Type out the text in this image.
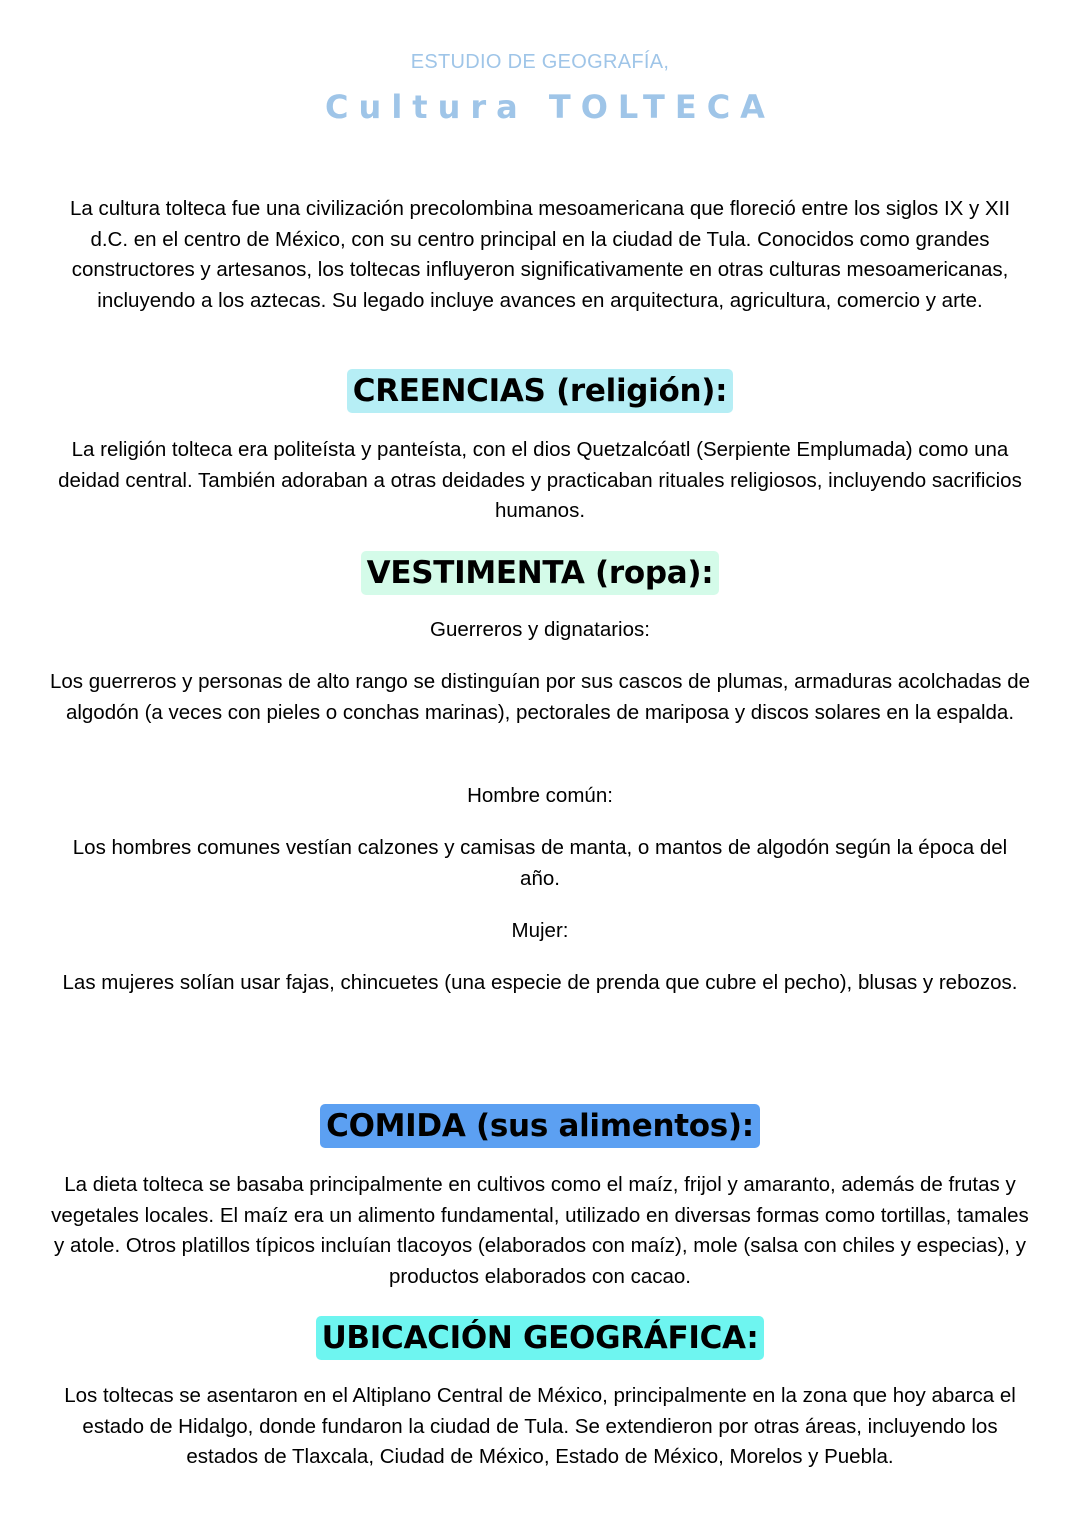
ESTUDIO DE GEOGRAFÍA,

Cultura TOLTECA

La cultura tolteca fue una civilización precolombina mesoamericana que floreció entre los siglos IX y XII d.C. en el centro de México, con su centro principal en la ciudad de Tula. Conocidos como grandes constructores y artesanos, los toltecas influyeron significativamente en otras culturas mesoamericanas, incluyendo a los aztecas. Su legado incluye avances en arquitectura, agricultura, comercio y arte.

CREENCIAS (religión):

La religión tolteca era politeísta y panteísta, con el dios Quetzalcóatl (Serpiente Emplumada) como una deidad central. También adoraban a otras deidades y practicaban rituales religiosos, incluyendo sacrificios humanos.

VESTIMENTA (ropa):

Guerreros y dignatarios:

Los guerreros y personas de alto rango se distinguían por sus cascos de plumas, armaduras acolchadas de algodón (a veces con pieles o conchas marinas), pectorales de mariposa y discos solares en la espalda.

Hombre común:

Los hombres comunes vestían calzones y camisas de manta, o mantos de algodón según la época del año.

Mujer:

Las mujeres solían usar fajas, chincuetes (una especie de prenda que cubre el pecho), blusas y rebozos.

COMIDA (sus alimentos):

La dieta tolteca se basaba principalmente en cultivos como el maíz, frijol y amaranto, además de frutas y vegetales locales. El maíz era un alimento fundamental, utilizado en diversas formas como tortillas, tamales y atole. Otros platillos típicos incluían tlacoyos (elaborados con maíz), mole (salsa con chiles y especias), y productos elaborados con cacao.

UBICACIÓN GEOGRÁFICA:

Los toltecas se asentaron en el Altiplano Central de México, principalmente en la zona que hoy abarca el estado de Hidalgo, donde fundaron la ciudad de Tula. Se extendieron por otras áreas, incluyendo los estados de Tlaxcala, Ciudad de México, Estado de México, Morelos y Puebla.
